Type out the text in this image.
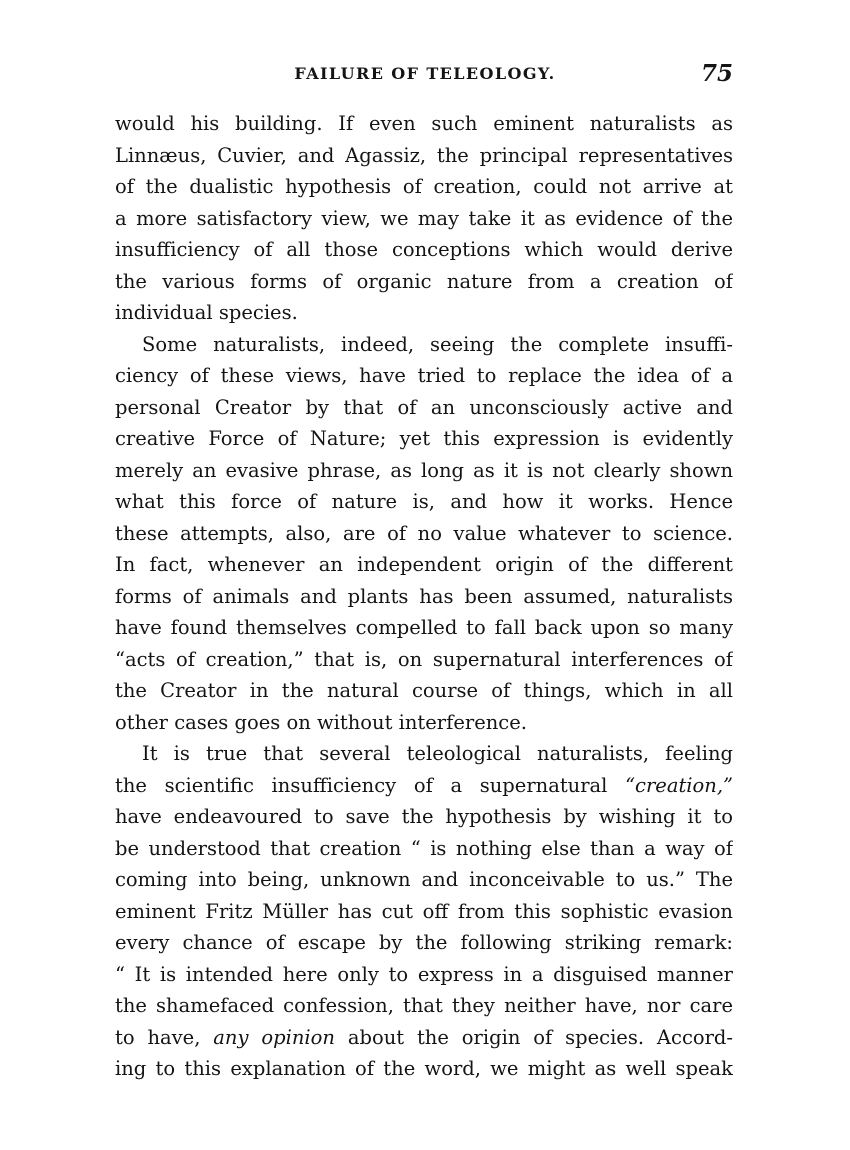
FAILURE OF TELEOLOGY.	75
would his building. If even such eminent naturalists as
Linnæus, Cuvier, and Agassiz, the principal representatives
of the dualistic hypothesis of creation, could not arrive at
a more satisfactory view, we may take it as evidence of the
insufficiency of all those conceptions which would derive
the various forms of organic nature from a creation of
individual species.
Some naturalists, indeed, seeing the complete insuffi-
ciency of these views, have tried to replace the idea of a
personal Creator by that of an unconsciously active and
creative Force of Nature; yet this expression is evidently
merely an evasive phrase, as long as it is not clearly shown
what this force of nature is, and how it works. Hence
these attempts, also, are of no value whatever to science.
In fact, whenever an independent origin of the different
forms of animals and plants has been assumed, naturalists
have found themselves compelled to fall back upon so many
“acts of creation,” that is, on supernatural interferences of
the Creator in the natural course of things, which in all
other cases goes on without interference.
It is true that several teleological naturalists, feeling
the scientific insufficiency of a supernatural “creation,”
have endeavoured to save the hypothesis by wishing it to
be understood that creation “ is nothing else than a way of
coming into being, unknown and inconceivable to us.” The
eminent Fritz Müller has cut off from this sophistic evasion
every chance of escape by the following striking remark:
“ It is intended here only to express in a disguised manner
the shamefaced confession, that they neither have, nor care
to have, any opinion about the origin of species. Accord-
ing to this explanation of the word, we might as well speak
